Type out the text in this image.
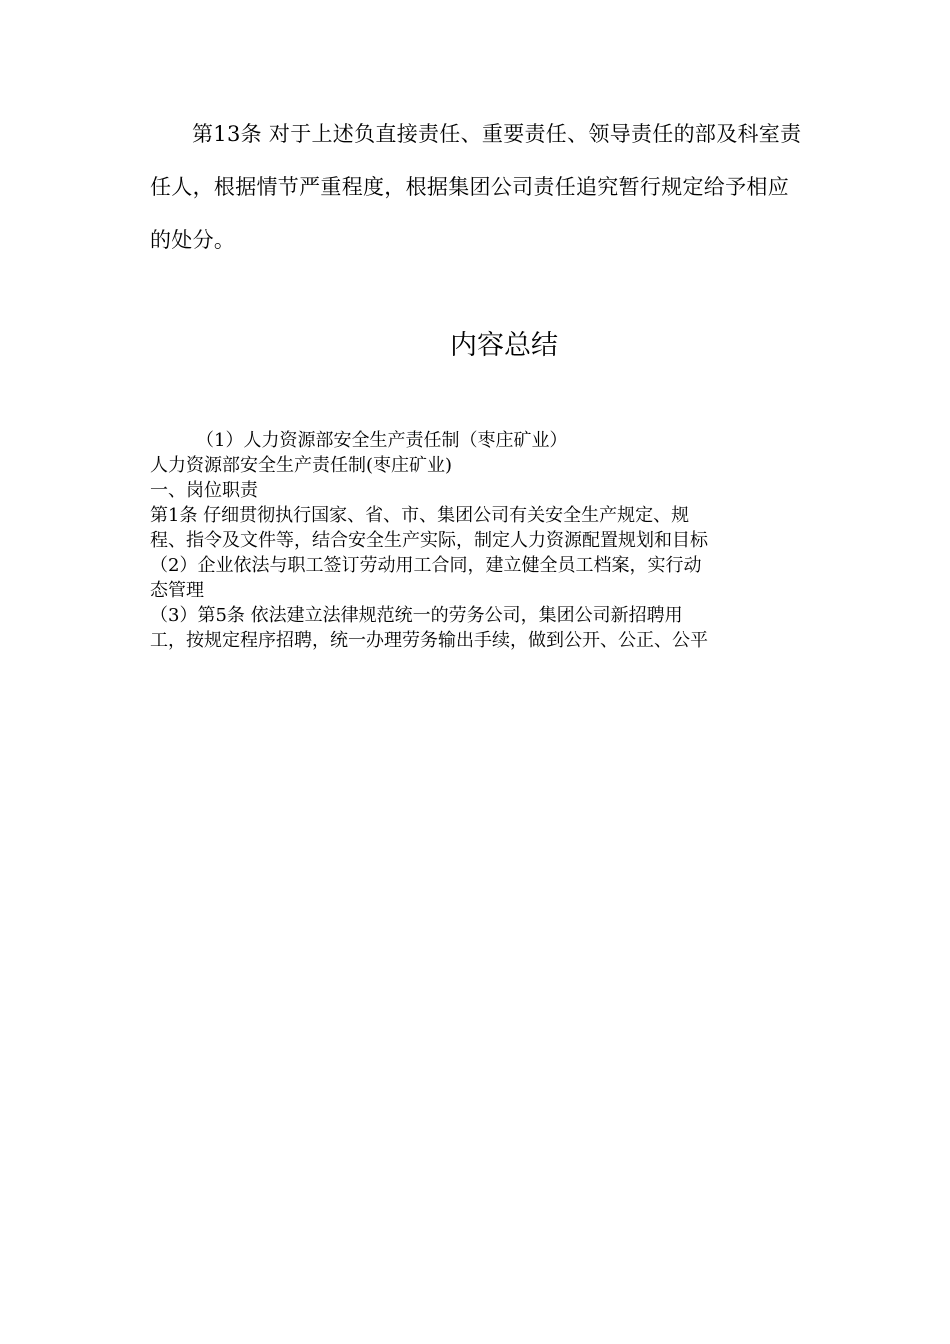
第13条 对于上述负直接责任、重要责任、领导责任的部及科室责任人，根据情节严重程度，根据集团公司责任追究暂行规定给予相应的处分。

内容总结

（1）人力资源部安全生产责任制（枣庄矿业）

人力资源部安全生产责任制(枣庄矿业)

一、岗位职责

第1条 仔细贯彻执行国家、省、市、集团公司有关安全生产规定、规

程、指令及文件等，结合安全生产实际，制定人力资源配置规划和目标

（2）企业依法与职工签订劳动用工合同，建立健全员工档案，实行动

态管理

（3）第5条 依法建立法律规范统一的劳务公司，集团公司新招聘用

工，按规定程序招聘，统一办理劳务输出手续，做到公开、公正、公平
